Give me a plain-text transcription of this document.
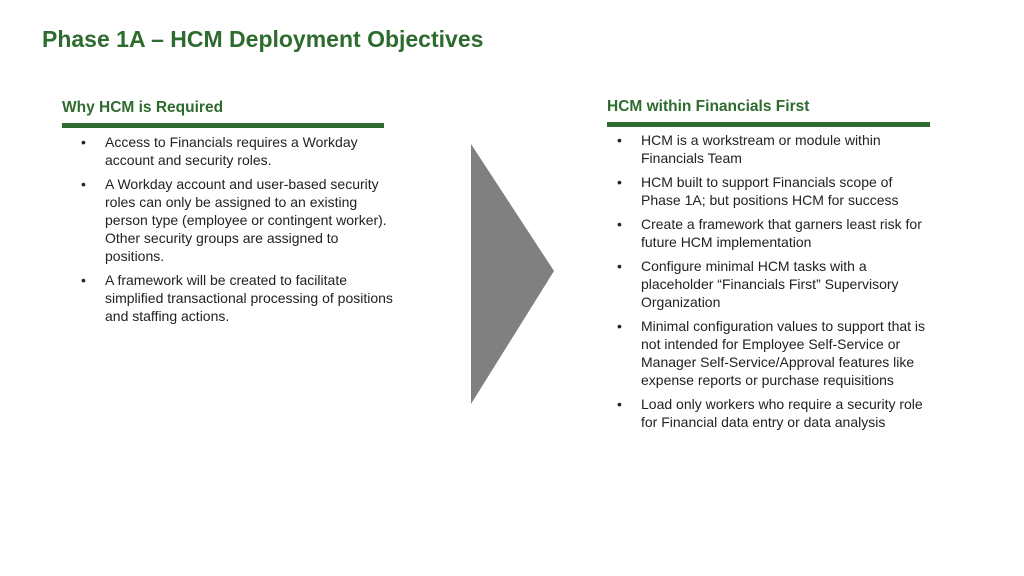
Phase 1A – HCM Deployment Objectives
Why HCM is Required
•	Access to Financials requires a Workday account and security roles.
•	A Workday account and user-based security roles can only be assigned to an existing person type (employee or contingent worker). Other security groups are assigned to positions.
•	A framework will be created to facilitate simplified transactional processing of positions and staffing actions.
HCM within Financials First
•	HCM is a workstream or module within Financials Team
•	HCM built to support Financials scope of Phase 1A; but positions HCM for success
•	Create a framework that garners least risk for future HCM implementation
•	Configure minimal HCM tasks with a placeholder “Financials First” Supervisory Organization
•	Minimal configuration values to support that is not intended for Employee Self-Service or Manager Self-Service/Approval features like expense reports or purchase requisitions
•	Load only workers who require a security role for Financial data entry or data analysis
